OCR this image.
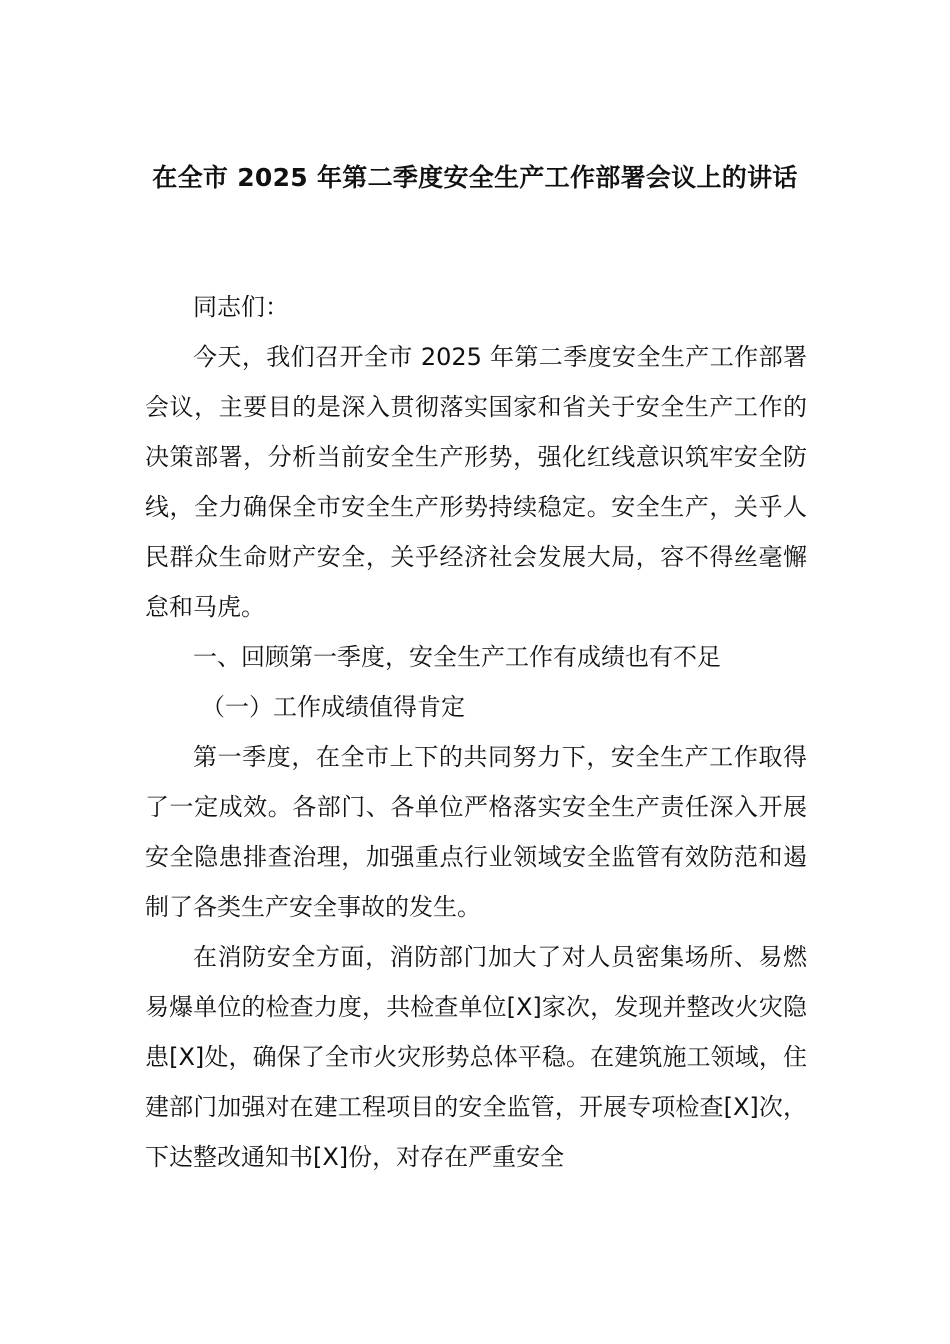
在全市 2025 年第二季度安全生产工作部署会议上的讲话

同志们：

今天，我们召开全市 2025 年第二季度安全生产工作部署会议，主要目的是深入贯彻落实国家和省关于安全生产工作的决策部署，分析当前安全生产形势，强化红线意识筑牢安全防线，全力确保全市安全生产形势持续稳定。安全生产，关乎人民群众生命财产安全，关乎经济社会发展大局，容不得丝毫懈怠和马虎。

一、回顾第一季度，安全生产工作有成绩也有不足

（一）工作成绩值得肯定

第一季度，在全市上下的共同努力下，安全生产工作取得了一定成效。各部门、各单位严格落实安全生产责任深入开展安全隐患排查治理，加强重点行业领域安全监管有效防范和遏制了各类生产安全事故的发生。

在消防安全方面，消防部门加大了对人员密集场所、易燃易爆单位的检查力度，共检查单位[X]家次，发现并整改火灾隐患[X]处，确保了全市火灾形势总体平稳。在建筑施工领域，住建部门加强对在建工程项目的安全监管，开展专项检查[X]次，下达整改通知书[X]份，对存在严重安全
